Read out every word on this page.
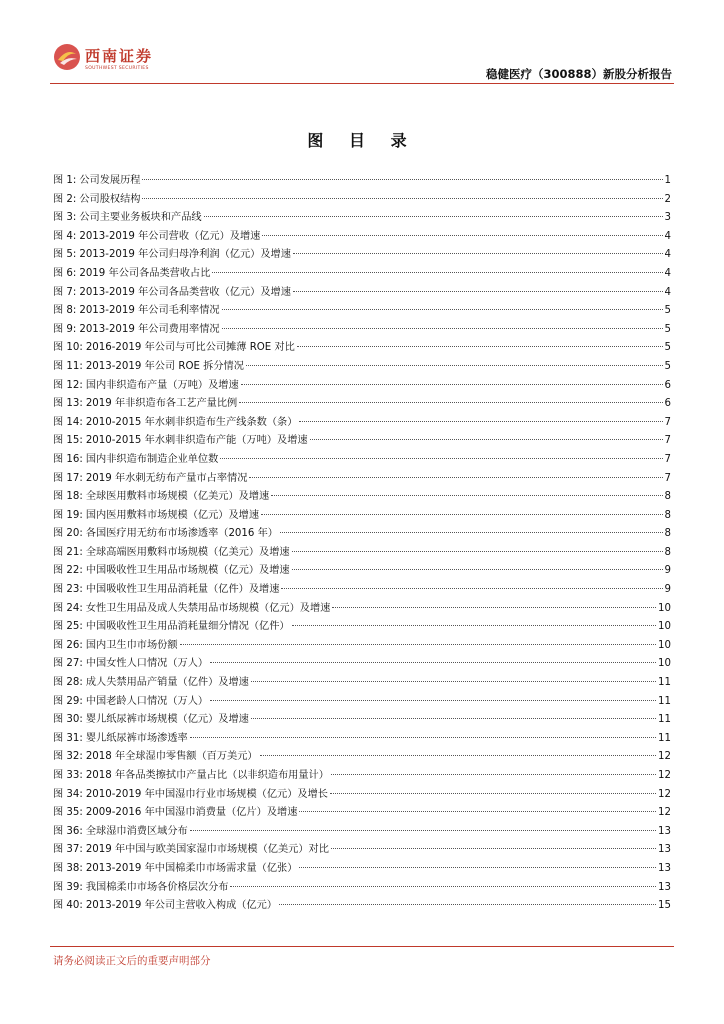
西南证券
SOUTHWEST SECURITIES	稳健医疗（300888）新股分析报告
图 目 录
图 1: 公司发展历程	1
图 2: 公司股权结构	2
图 3: 公司主要业务板块和产品线	3
图 4: 2013-2019 年公司营收（亿元）及增速	4
图 5: 2013-2019 年公司归母净利润（亿元）及增速	4
图 6: 2019 年公司各品类营收占比	4
图 7: 2013-2019 年公司各品类营收（亿元）及增速	4
图 8: 2013-2019 年公司毛利率情况	5
图 9: 2013-2019 年公司费用率情况	5
图 10: 2016-2019 年公司与可比公司摊薄 ROE 对比	5
图 11: 2013-2019 年公司 ROE 拆分情况	5
图 12: 国内非织造布产量（万吨）及增速	6
图 13: 2019 年非织造布各工艺产量比例	6
图 14: 2010-2015 年水刺非织造布生产线条数（条）	7
图 15: 2010-2015 年水刺非织造布产能（万吨）及增速	7
图 16: 国内非织造布制造企业单位数	7
图 17: 2019 年水刺无纺布产量市占率情况	7
图 18: 全球医用敷料市场规模（亿美元）及增速	8
图 19: 国内医用敷料市场规模（亿元）及增速	8
图 20: 各国医疗用无纺布市场渗透率（2016 年）	8
图 21: 全球高端医用敷料市场规模（亿美元）及增速	8
图 22: 中国吸收性卫生用品市场规模（亿元）及增速	9
图 23: 中国吸收性卫生用品消耗量（亿件）及增速	9
图 24: 女性卫生用品及成人失禁用品市场规模（亿元）及增速	10
图 25: 中国吸收性卫生用品消耗量细分情况（亿件）	10
图 26: 国内卫生巾市场份额	10
图 27: 中国女性人口情况（万人）	10
图 28: 成人失禁用品产销量（亿件）及增速	11
图 29: 中国老龄人口情况（万人）	11
图 30: 婴儿纸尿裤市场规模（亿元）及增速	11
图 31: 婴儿纸尿裤市场渗透率	11
图 32: 2018 年全球湿巾零售额（百万美元）	12
图 33: 2018 年各品类擦拭巾产量占比（以非织造布用量计）	12
图 34: 2010-2019 年中国湿巾行业市场规模（亿元）及增长	12
图 35: 2009-2016 年中国湿巾消费量（亿片）及增速	12
图 36: 全球湿巾消费区域分布	13
图 37: 2019 年中国与欧美国家湿巾市场规模（亿美元）对比	13
图 38: 2013-2019 年中国棉柔巾市场需求量（亿张）	13
图 39: 我国棉柔巾市场各价格层次分布	13
图 40: 2013-2019 年公司主营收入构成（亿元）	15
请务必阅读正文后的重要声明部分
